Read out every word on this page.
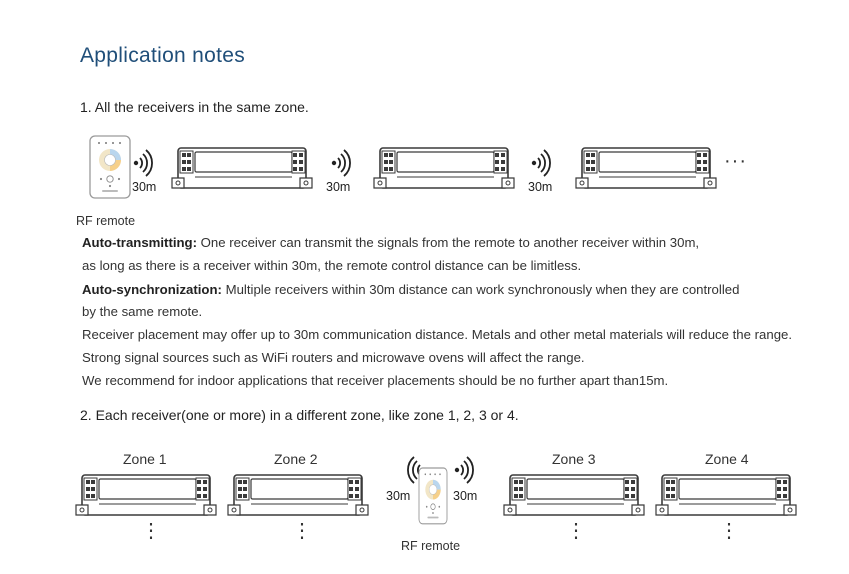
Application notes
1. All the receivers in the same zone.
30m	30m	30m
···
RF remote
Auto-transmitting: One receiver can transmit the signals from the remote to another receiver within 30m,
as long as there is a receiver within 30m, the remote control distance can be limitless.
Auto-synchronization: Multiple receivers within 30m distance can work synchronously when they are controlled
by the same remote.
Receiver placement may offer up to 30m communication distance. Metals and other metal materials will reduce the range.
Strong signal sources such as WiFi routers and microwave ovens will affect the range.
We recommend for indoor applications that receiver placements should be no further apart than15m.
2. Each receiver(one or more) in a different zone, like zone 1, 2, 3 or 4.
Zone 1	Zone 2	Zone 3	Zone 4
30m	30m
RF remote
⋮	⋮	⋮	⋮
